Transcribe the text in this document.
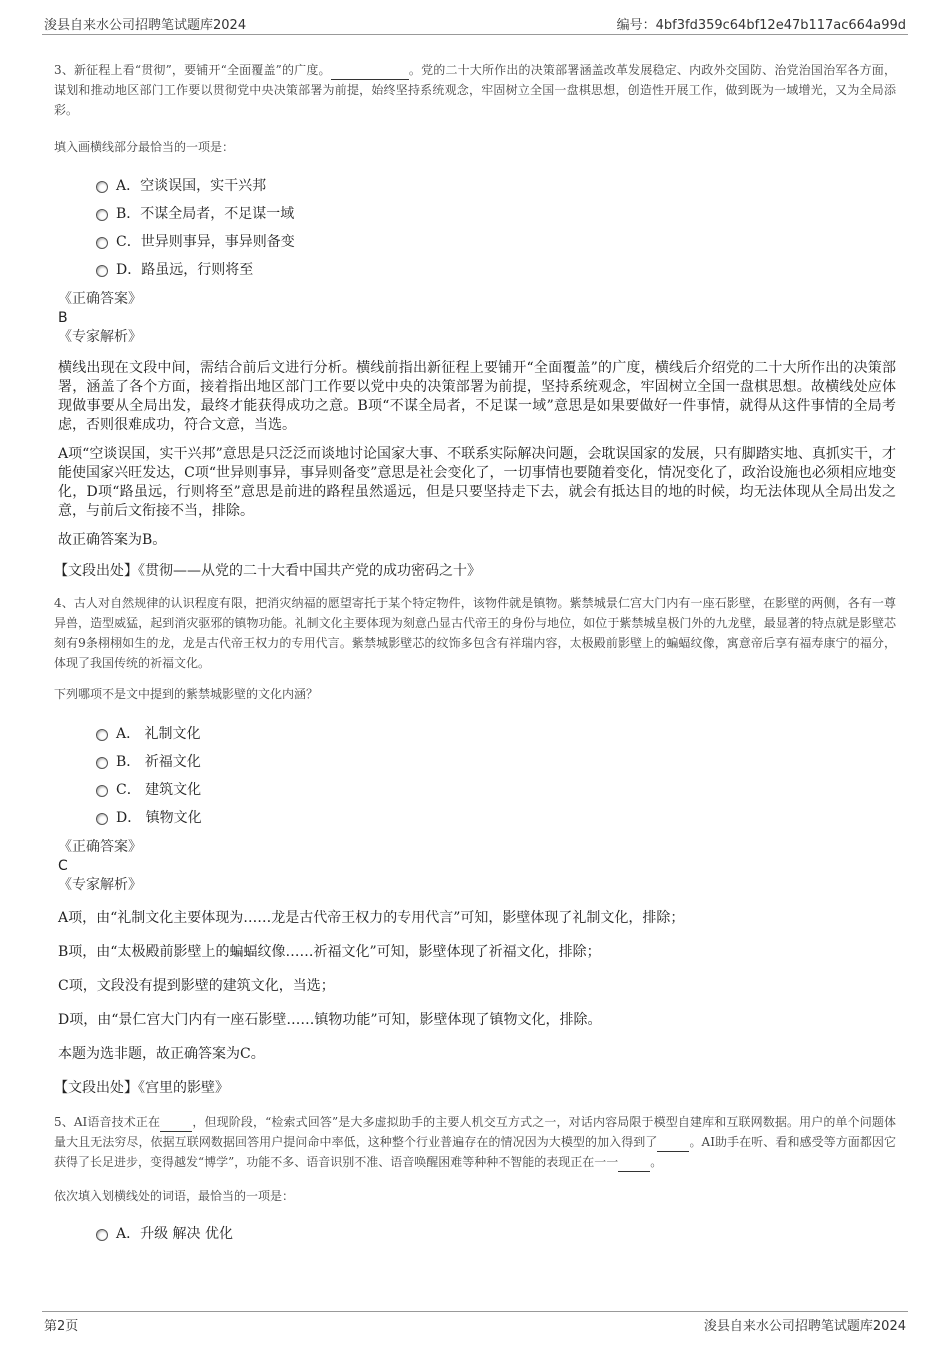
浚县自来水公司招聘笔试题库2024	编号：4bf3fd359c64bf12e47b117ac664a99d

3、新征程上看“贯彻”，要铺开“全面覆盖”的广度。	。党的二十大所作出的决策部署涵盖改革发展稳定、内政外交国防、治党治国治军各方面，谋划和推动地区部门工作要以贯彻党中央决策部署为前提，始终坚持系统观念，牢固树立全国一盘棋思想，创造性开展工作，做到既为一域增光，又为全局添彩。

填入画横线部分最恰当的一项是：

A．空谈误国，实干兴邦
B．不谋全局者，不足谋一域
C．世异则事异，事异则备变
D．路虽远，行则将至

《正确答案》

B

《专家解析》

横线出现在文段中间，需结合前后文进行分析。横线前指出新征程上要铺开“全面覆盖”的广度，横线后介绍党的二十大所作出的决策部署，涵盖了各个方面，接着指出地区部门工作要以党中央的决策部署为前提，坚持系统观念，牢固树立全国一盘棋思想。故横线处应体现做事要从全局出发，最终才能获得成功之意。B项“不谋全局者，不足谋一域”意思是如果要做好一件事情，就得从这件事情的全局考虑，否则很难成功，符合文意，当选。

A项“空谈误国，实干兴邦”意思是只泛泛而谈地讨论国家大事、不联系实际解决问题，会耽误国家的发展，只有脚踏实地、真抓实干，才能使国家兴旺发达，C项“世异则事异，事异则备变”意思是社会变化了，一切事情也要随着变化，情况变化了，政治设施也必须相应地变化，D项“路虽远，行则将至”意思是前进的路程虽然遥远，但是只要坚持走下去，就会有抵达目的地的时候，均无法体现从全局出发之意，与前后文衔接不当，排除。

故正确答案为B。

【文段出处】《贯彻——从党的二十大看中国共产党的成功密码之十》

4、古人对自然规律的认识程度有限，把消灾纳福的愿望寄托于某个特定物件，该物件就是镇物。紫禁城景仁宫大门内有一座石影壁，在影壁的两侧，各有一尊异兽，造型威猛，起到消灾驱邪的镇物功能。礼制文化主要体现为刻意凸显古代帝王的身份与地位，如位于紫禁城皇极门外的九龙壁，最显著的特点就是影壁芯刻有9条栩栩如生的龙，龙是古代帝王权力的专用代言。紫禁城影壁芯的纹饰多包含有祥瑞内容，太极殿前影壁上的蝙蝠纹像，寓意帝后享有福寿康宁的福分，体现了我国传统的祈福文化。

下列哪项不是文中提到的紫禁城影壁的文化内涵？

A． 礼制文化
B． 祈福文化
C． 建筑文化
D． 镇物文化

《正确答案》

C

《专家解析》

A项，由“礼制文化主要体现为……龙是古代帝王权力的专用代言”可知，影壁体现了礼制文化，排除；

B项，由“太极殿前影壁上的蝙蝠纹像……祈福文化”可知，影壁体现了祈福文化，排除；

C项，文段没有提到影壁的建筑文化，当选；

D项，由“景仁宫大门内有一座石影壁……镇物功能”可知，影壁体现了镇物文化，排除。

本题为选非题，故正确答案为C。

【文段出处】《宫里的影壁》

5、AI语音技术正在	，但现阶段，“检索式回答”是大多虚拟助手的主要人机交互方式之一，对话内容局限于模型自建库和互联网数据。用户的单个问题体量大且无法穷尽，依据互联网数据回答用户提问命中率低，这种整个行业普遍存在的情况因为大模型的加入得到了	。AI助手在听、看和感受等方面都因它获得了长足进步，变得越发“博学”，功能不多、语音识别不准、语音唤醒困难等种种不智能的表现正在一一	。

依次填入划横线处的词语，最恰当的一项是：

A．升级 解决 优化
第2页	浚县自来水公司招聘笔试题库2024
